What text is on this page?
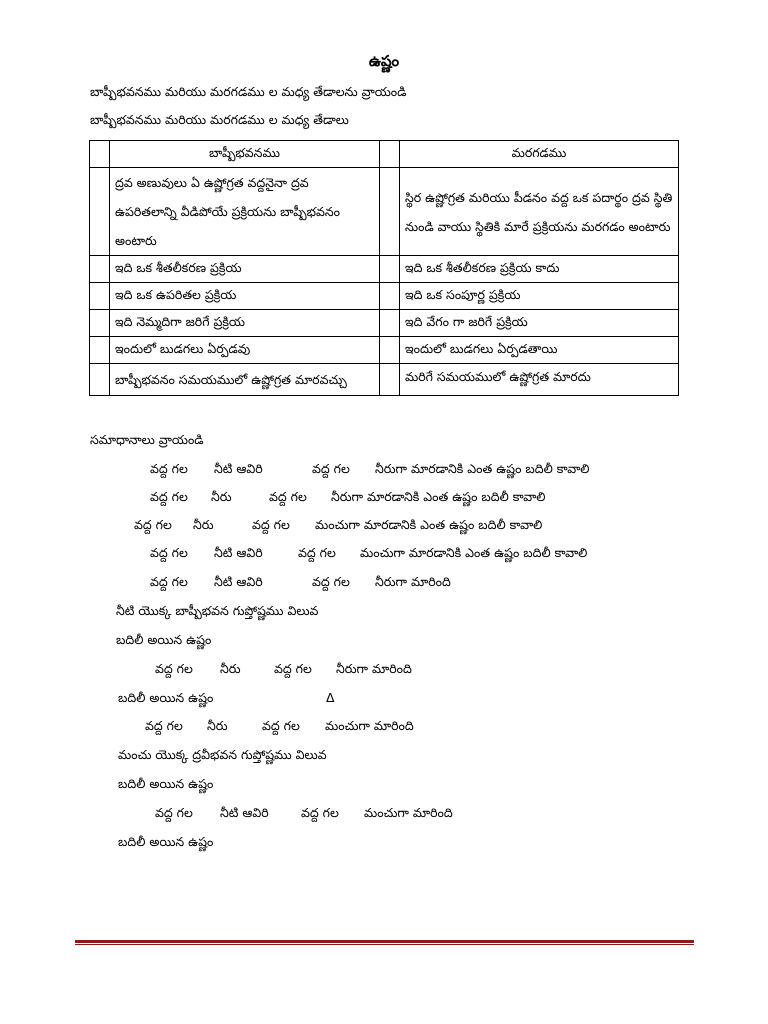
ఉష్ణం
బాష్పీభవనము మరియు మరగడము ల మధ్య తేడాలను వ్రాయండి
బాష్పీభవనము మరియు మరగడము ల మధ్య తేడాలు
	బాష్పీభవనము		మరగడము
	ద్రవ అణువులు ఏ ఉష్ణోగ్రత వద్దనైనా ద్రవ ఉపరితలాన్ని వీడిపోయే ప్రక్రియను బాష్పీభవనం అంటారు		స్థిర ఉష్ణోగ్రత మరియు పీడనం వద్ద ఒక పదార్థం ద్రవ స్థితి నుండి వాయు స్థితికి మారే ప్రక్రియను మరగడం అంటారు
	ఇది ఒక శీతలీకరణ ప్రక్రియ		ఇది ఒక శీతలీకరణ ప్రక్రియ కాదు
	ఇది ఒక ఉపరితల ప్రక్రియ		ఇది ఒక సంపూర్ణ ప్రక్రియ
	ఇది నెమ్మదిగా జరిగే ప్రక్రియ		ఇది వేగం గా జరిగే ప్రక్రియ
	ఇందులో బుడగలు ఏర్పడవు		ఇందులో బుడగలు ఏర్పడతాయి
	బాష్పీభవనం సమయములో ఉష్ణోగ్రత మారవచ్చు		మరిగే సమయములో ఉష్ణోగ్రత మారదు
సమాధానాలు వ్రాయండి
వద్ద గల నీటి ఆవిరి	వద్ద గల నీరుగా మారడానికి ఎంత ఉష్ణం బదిలీ కావాలి
వద్ద గల నీరు	వద్ద గల నీరుగా మారడానికి ఎంత ఉష్ణం బదిలీ కావాలి
వద్ద గల నీరు	వద్ద గల మంచుగా మారడానికి ఎంత ఉష్ణం బదిలీ కావాలి
వద్ద గల నీటి ఆవిరి	వద్ద గల మంచుగా మారడానికి ఎంత ఉష్ణం బదిలీ కావాలి
వద్ద గల నీటి ఆవిరి	వద్ద గల నీరుగా మారింది
నీటి యొక్క బాష్పీభవన గుప్తోష్ణము విలువ
బదిలీ అయిన ఉష్ణం
వద్ద గల నీరు	వద్ద గల నీరుగా మారింది
బదిలీ అయిన ఉష్ణం	Δ
వద్ద గల నీరు	వద్ద గల మంచుగా మారింది
మంచు యొక్క ద్రవీభవన గుప్తోష్ణము విలువ
బదిలీ అయిన ఉష్ణం
వద్ద గల నీటి ఆవిరి	వద్ద గల మంచుగా మారింది
బదిలీ అయిన ఉష్ణం
